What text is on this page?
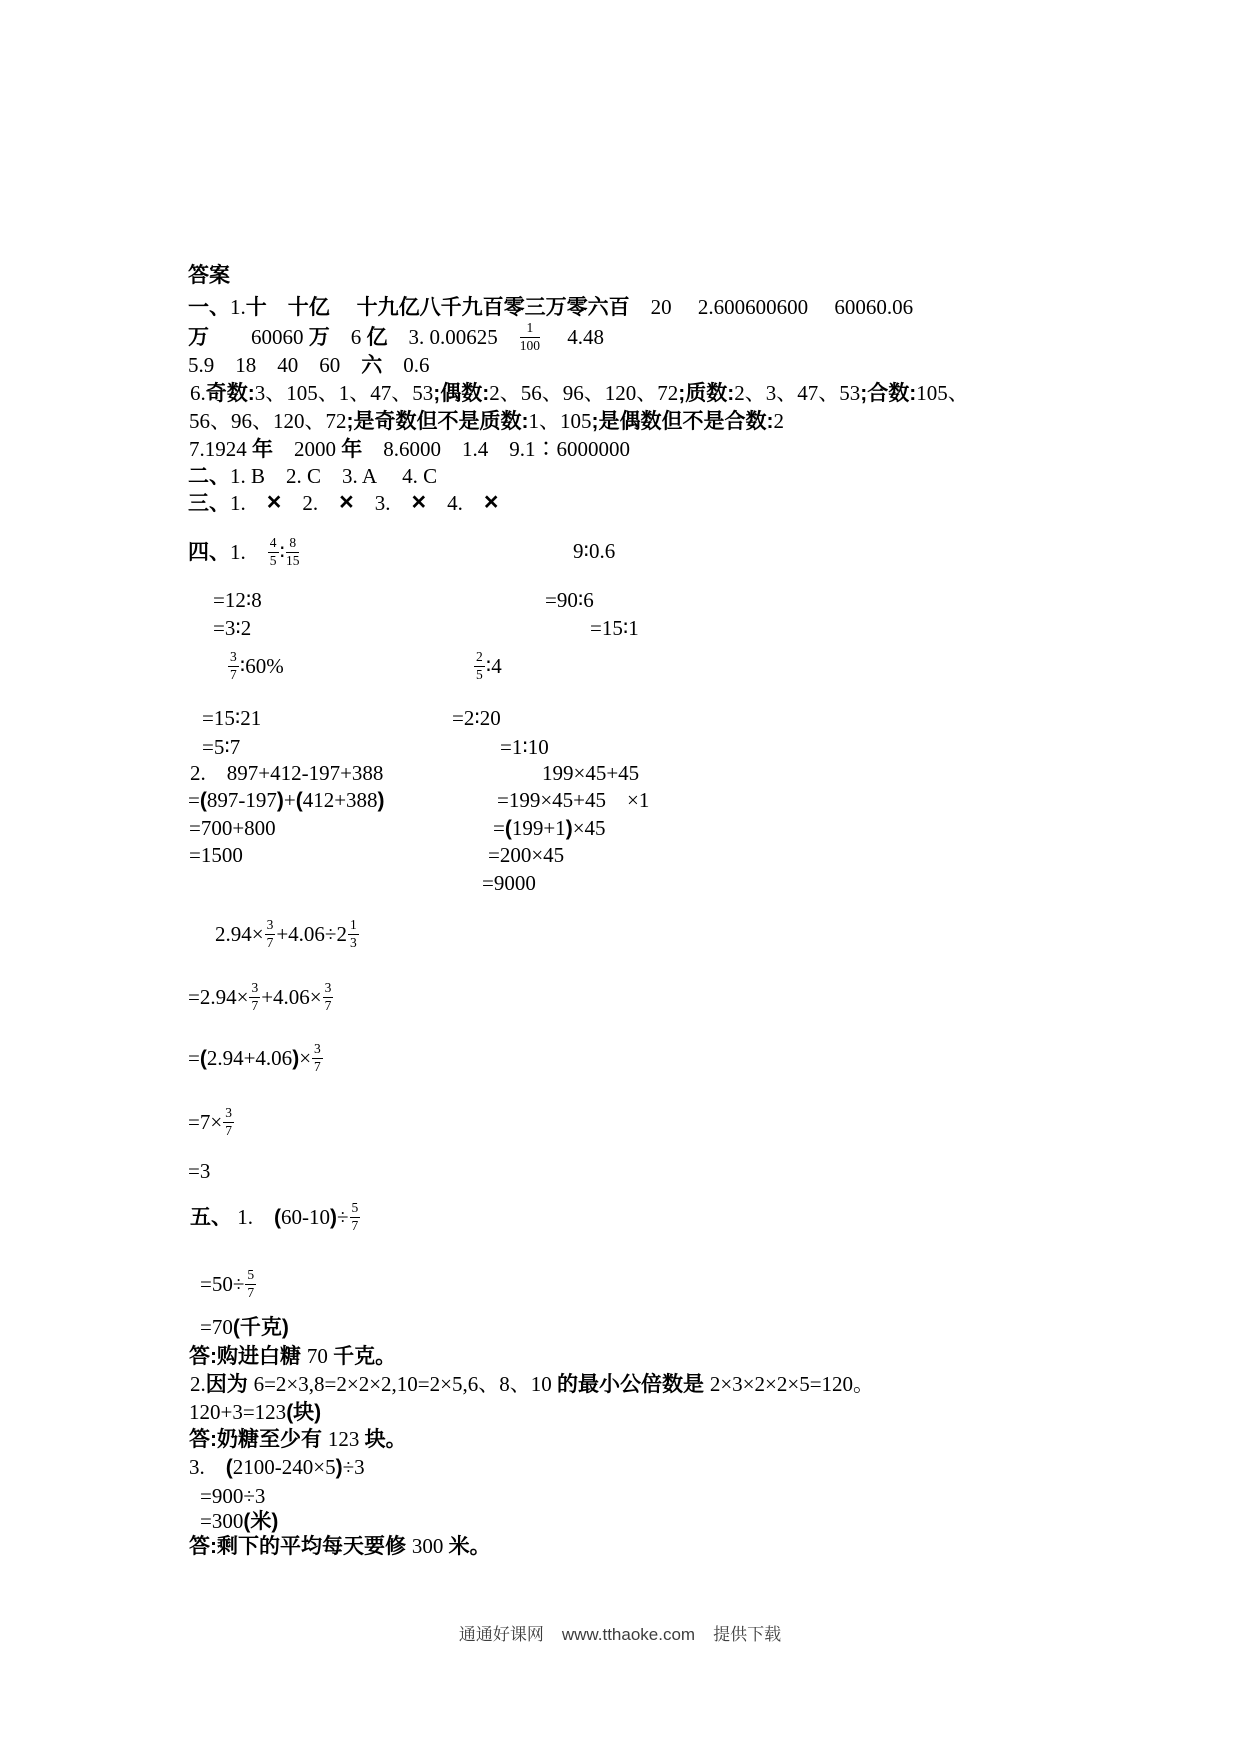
答案
一、1.十　十亿　 十九亿八千九百零三万零六百　20　 2.600600600　 60060.06
万　　60060 万　6 亿　3. 0.00625　 $\frac{1}{100}$ 　 4.48
5.9　18　40　60　六　0.6
6.奇数:3、105、1、47、53;偶数:2、56、96、120、72;质数:2、3、47、53;合数:105、
56、96、120、72;是奇数但不是质数:1、105;是偶数但不是合数:2
7.1924 年　2000 年　8.6000　1.4　9.1∶6000000
二、1. B　2. C　3. A　 4. C
三、1.　×　2.　×　3.　×　4.　×
四、1.　 $\frac{4}{5}$ ∶ $\frac{8}{15}$	9∶0.6
=12∶8	=90∶6
=3∶2	=15∶1
$\frac{3}{7}$ ∶60%	$\frac{2}{5}$ ∶4
=15∶21	=2∶20
=5∶7	=1∶10
2.　897+412-197+388	199×45+45
=(897-197)+(412+388)	=199×45+45　×1
=700+800	=(199+1)×45
=1500	=200×45
=9000
$2.94\times \frac{3}{7} +4.06\div 2 \frac{1}{3}$
$=2.94\times \frac{3}{7} +4.06\times \frac{3}{7}$
$=(2.94+4.06)\times \frac{3}{7}$
$=7\times \frac{3}{7}$
=3
五、 1.　$(60-10)\div \frac{5}{7}$
$=50\div \frac{5}{7}$
=70(千克)
答:购进白糖 70 千克。
2.因为 6=2×3,8=2×2×2,10=2×5,6、8、10 的最小公倍数是 2×3×2×2×5=120。
120+3=123(块)
答:奶糖至少有 123 块。
3.　(2100-240×5)÷3
=900÷3
=300(米)
答:剩下的平均每天要修 300 米。
通通好课网 www.tthaoke.com 提供下载
